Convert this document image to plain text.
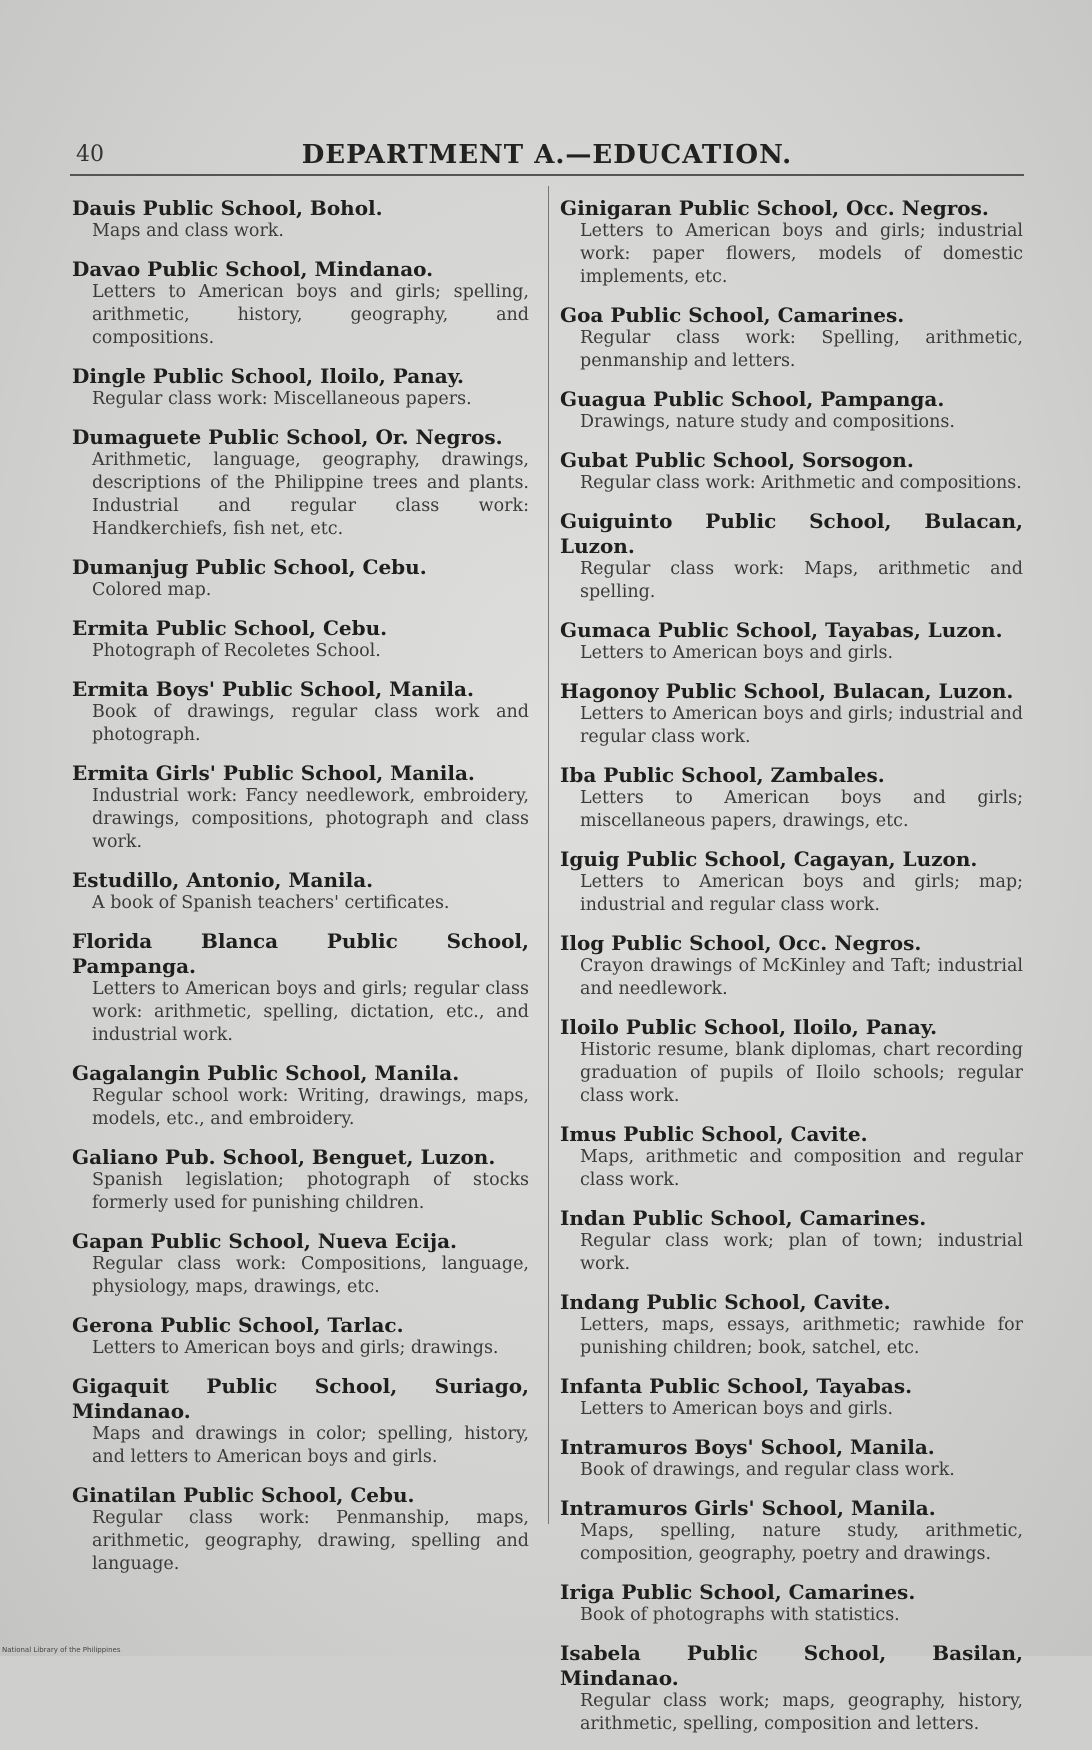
40	DEPARTMENT A.—EDUCATION.
Dauis Public School, Bohol.
Maps and class work.
Davao Public School, Mindanao.
Letters to American boys and girls; spelling, arithmetic, history, geography, and compositions.
Dingle Public School, Iloilo, Panay.
Regular class work: Miscellaneous papers.
Dumaguete Public School, Or. Negros.
Arithmetic, language, geography, drawings, descriptions of the Philippine trees and plants. Industrial and regular class work: Handkerchiefs, fish net, etc.
Dumanjug Public School, Cebu.
Colored map.
Ermita Public School, Cebu.
Photograph of Recoletes School.
Ermita Boys' Public School, Manila.
Book of drawings, regular class work and photograph.
Ermita Girls' Public School, Manila.
Industrial work: Fancy needlework, embroidery, drawings, compositions, photograph and class work.
Estudillo, Antonio, Manila.
A book of Spanish teachers' certificates.
Florida Blanca Public School, Pampanga.
Letters to American boys and girls; regular class work: arithmetic, spelling, dictation, etc., and industrial work.
Gagalangin Public School, Manila.
Regular school work: Writing, drawings, maps, models, etc., and embroidery.
Galiano Pub. School, Benguet, Luzon.
Spanish legislation; photograph of stocks formerly used for punishing children.
Gapan Public School, Nueva Ecija.
Regular class work: Compositions, language, physiology, maps, drawings, etc.
Gerona Public School, Tarlac.
Letters to American boys and girls; drawings.
Gigaquit Public School, Suriago, Mindanao.
Maps and drawings in color; spelling, history, and letters to American boys and girls.
Ginatilan Public School, Cebu.
Regular class work: Penmanship, maps, arithmetic, geography, drawing, spelling and language.
Ginigaran Public School, Occ. Negros.
Letters to American boys and girls; industrial work: paper flowers, models of domestic implements, etc.
Goa Public School, Camarines.
Regular class work: Spelling, arithmetic, penmanship and letters.
Guagua Public School, Pampanga.
Drawings, nature study and compositions.
Gubat Public School, Sorsogon.
Regular class work: Arithmetic and compositions.
Guiguinto Public School, Bulacan, Luzon.
Regular class work: Maps, arithmetic and spelling.
Gumaca Public School, Tayabas, Luzon.
Letters to American boys and girls.
Hagonoy Public School, Bulacan, Luzon.
Letters to American boys and girls; industrial and regular class work.
Iba Public School, Zambales.
Letters to American boys and girls; miscellaneous papers, drawings, etc.
Iguig Public School, Cagayan, Luzon.
Letters to American boys and girls; map; industrial and regular class work.
Ilog Public School, Occ. Negros.
Crayon drawings of McKinley and Taft; industrial and needlework.
Iloilo Public School, Iloilo, Panay.
Historic resume, blank diplomas, chart recording graduation of pupils of Iloilo schools; regular class work.
Imus Public School, Cavite.
Maps, arithmetic and composition and regular class work.
Indan Public School, Camarines.
Regular class work; plan of town; industrial work.
Indang Public School, Cavite.
Letters, maps, essays, arithmetic; rawhide for punishing children; book, satchel, etc.
Infanta Public School, Tayabas.
Letters to American boys and girls.
Intramuros Boys' School, Manila.
Book of drawings, and regular class work.
Intramuros Girls' School, Manila.
Maps, spelling, nature study, arithmetic, composition, geography, poetry and drawings.
Iriga Public School, Camarines.
Book of photographs with statistics.
Isabela Public School, Basilan, Mindanao.
Regular class work; maps, geography, history, arithmetic, spelling, composition and letters.
National Library of the Philippines
